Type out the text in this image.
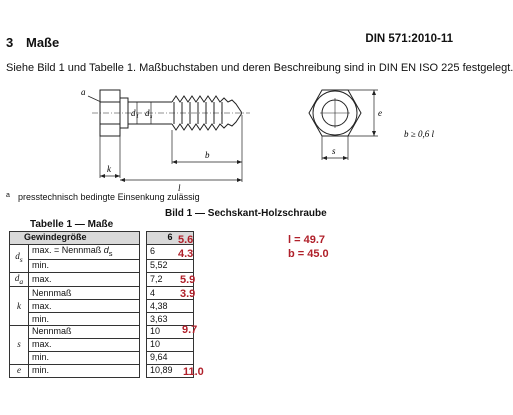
3 Maße	DIN 571:2010-11
Siehe Bild 1 und Tabelle 1. Maßbuchstaben und deren Beschreibung sind in DIN EN ISO 225 festgelegt.
a
d 1 d s
k
b
l
e
s
b ≥ 0,6 l
a presstechnisch bedingte Einsenkung zulässig
Bild 1 — Sechskant-Holzschraube
Tabelle 1 — Maße
Gewindegröße			6
$d_s$	max. = Nennmaß $d_s$		6
	min.		5,52
$d_a$	max.		7,2
k	Nennmaß		4
	max.		4,38
	min.		3,63
s	Nennmaß		10
	max.		10
	min.		9,64
e	min.		10,89
5.6
4.3
5.9
3.9
9.7
11.0
l = 49.7
b = 45.0
